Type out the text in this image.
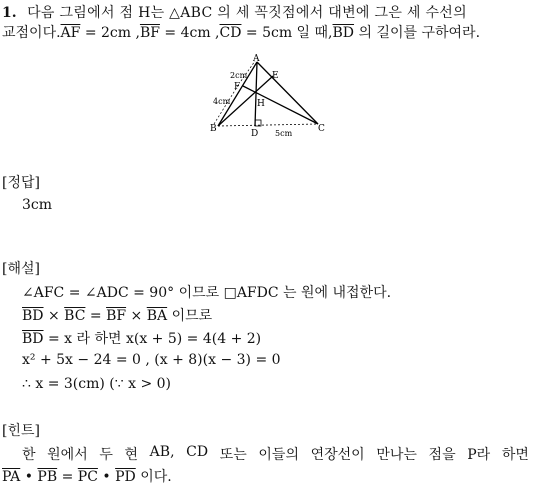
1. 다음 그림에서 점 H는 △ABC 의 세 꼭짓점에서 대변에 그은 세 수선의
교점이다$.\overline{AF} = 2cm$ $,\overline{BF} = 4cm$ $,\overline{CD} = 5cm$ 일 때$,\overline{BD}$ 의 길이를 구하여라.
A
B	C
D
E
F
H
2cm
4cm
5cm
[정답]
3cm
[해설]
∠AFC = ∠ADC = 90° 이므로 □AFDC 는 원에 내접한다.
$\overline{BD} \times \overline{BC} = \overline{BF} \times \overline{BA}$ 이므로
$\overline{BD} = x$ 라 하면 x(x + 5) = 4(4 + 2)
x² + 5x − 24 = 0 , (x + 8)(x − 3) = 0
∴ x = 3(cm) (∵ x > 0)
[힌트]
한 원에서 두 현 AB, CD 또는 이들의 연장선이 만나는 점을 P라 하면
$\overline{PA}$ • $\overline{PB} = \overline{PC}$ • $\overline{PD}$ 이다.
